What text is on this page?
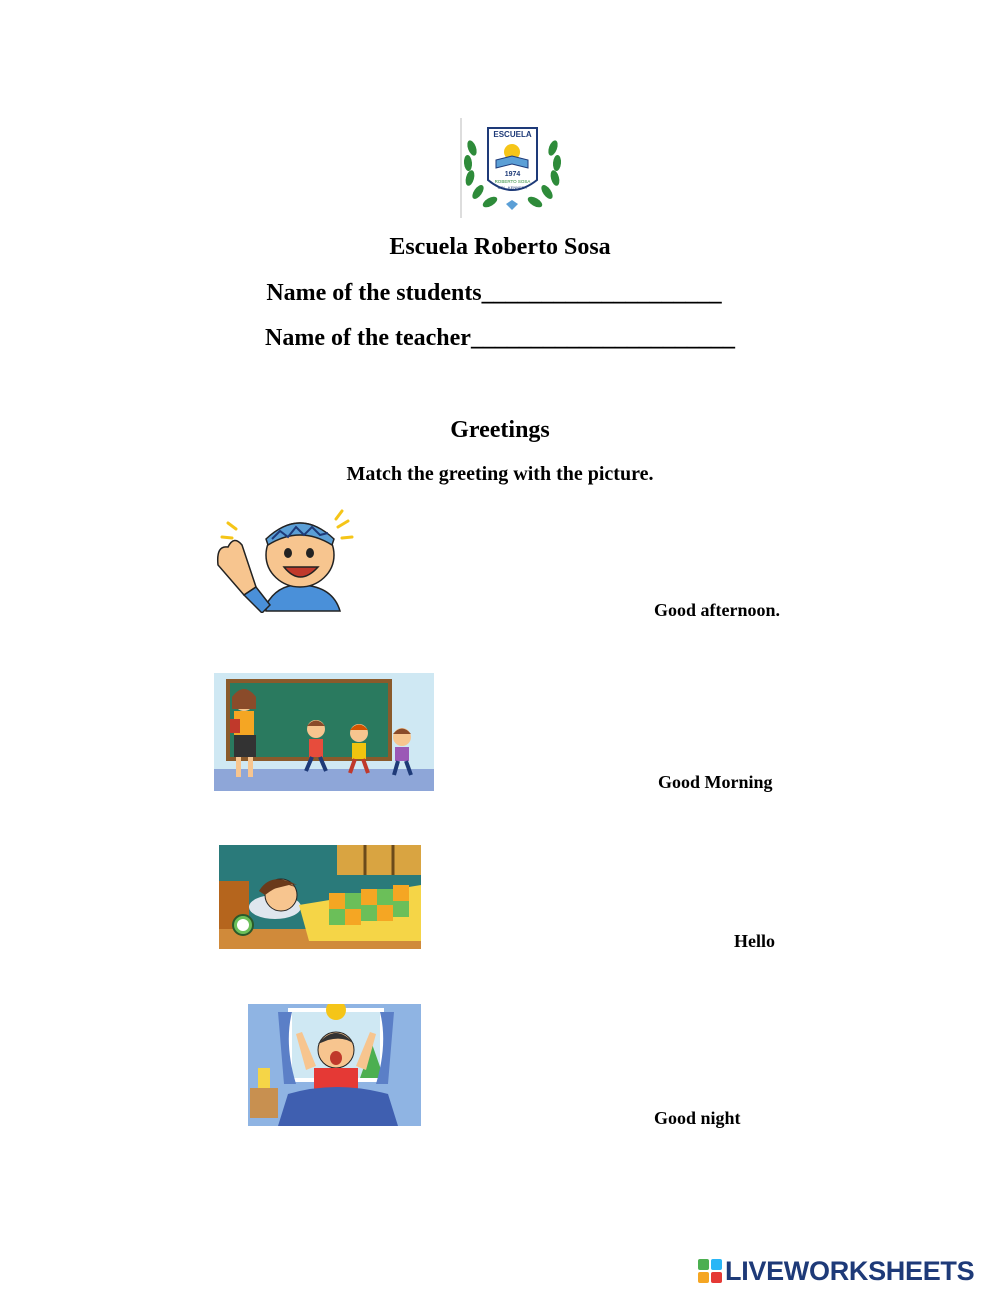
ESCUELA
1974
ROBERTO SOSA
COL. KENNEDY
Escuela Roberto Sosa
Name of the students____________________
Name of the teacher______________________
Greetings
Match the greeting with the picture.
Good afternoon.
Good Morning
Hello
Good night
LIVEWORKSHEETS
